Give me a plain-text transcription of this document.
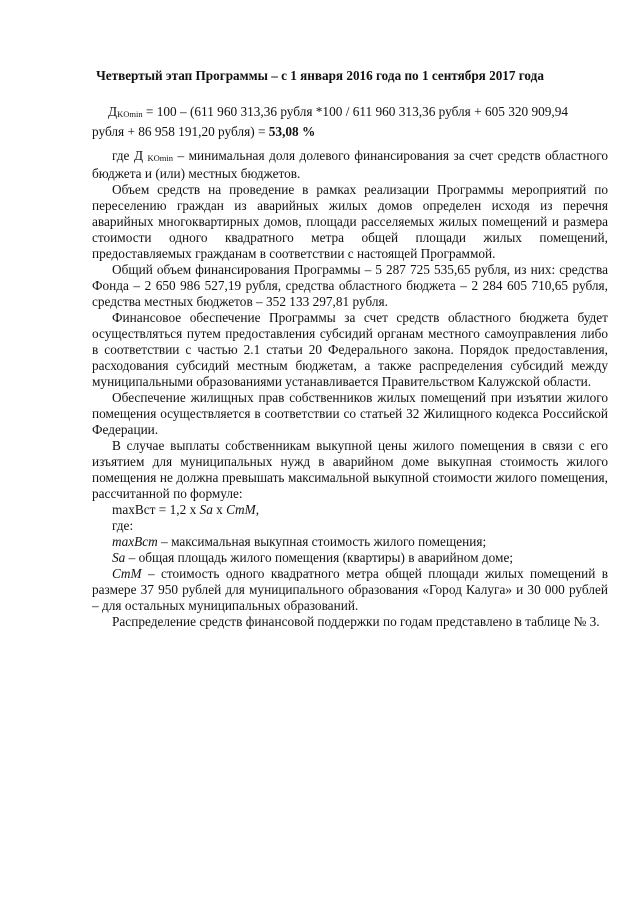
Четвертый этап Программы – с 1 января 2016 года по 1 сентября 2017 года
ДKOmin = 100 – (611 960 313,36 рубля *100 / 611 960 313,36 рубля + 605 320 909,94
рубля + 86 958 191,20 рубля) = 53,08 %

где Д KOmin – минимальная доля долевого финансирования за счет средств областного бюджета и (или) местных бюджетов.

Объем средств на проведение в рамках реализации Программы мероприятий по переселению граждан из аварийных жилых домов определен исходя из перечня аварийных многоквартирных домов, площади расселяемых жилых помещений и размера стоимости одного квадратного метра общей площади жилых помещений, предоставляемых гражданам в соответствии с настоящей Программой.

Общий объем финансирования Программы – 5 287 725 535,65 рубля, из них: средства Фонда – 2 650 986 527,19 рубля, средства областного бюджета – 2 284 605 710,65 рубля, средства местных бюджетов – 352 133 297,81 рубля.

Финансовое обеспечение Программы за счет средств областного бюджета будет осуществляться путем предоставления субсидий органам местного самоуправления либо в соответствии с частью 2.1 статьи 20 Федерального закона. Порядок предоставления, расходования субсидий местным бюджетам, а также распределения субсидий между муниципальными образованиями устанавливается Правительством Калужской области.

Обеспечение жилищных прав собственников жилых помещений при изъятии жилого помещения осуществляется в соответствии со статьей 32 Жилищного кодекса Российской Федерации.

В случае выплаты собственникам выкупной цены жилого помещения в связи с его изъятием для муниципальных нужд в аварийном доме выкупная стоимость жилого помещения не должна превышать максимальной выкупной стоимости жилого помещения, рассчитанной по формуле:

maxВст = 1,2 x Sa x CтM,

где:

maxВст – максимальная выкупная стоимость жилого помещения;

Sa – общая площадь жилого помещения (квартиры) в аварийном доме;

CтM – стоимость одного квадратного метра общей площади жилых помещений в размере 37 950 рублей для муниципального образования «Город Калуга» и 30 000 рублей – для остальных муниципальных образований.

Распределение средств финансовой поддержки по годам представлено в таблице № 3.
